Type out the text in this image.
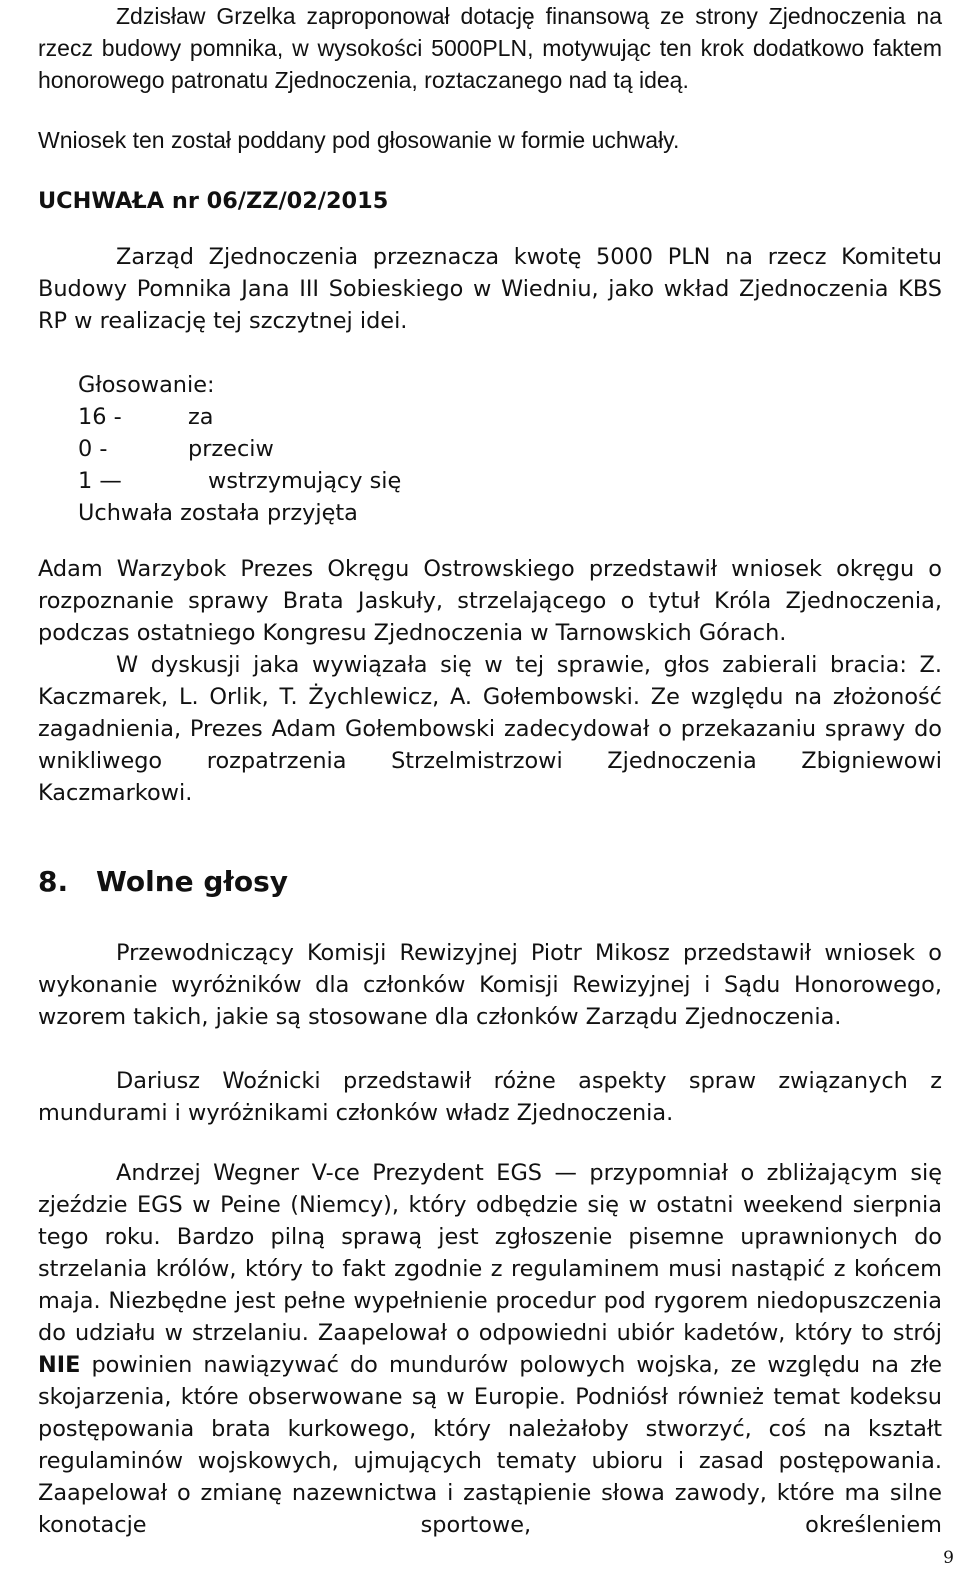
Zdzisław Grzelka zaproponował dotację finansową ze strony Zjednoczenia na rzecz budowy pomnika, w wysokości 5000PLN, motywując ten krok dodatkowo faktem honorowego patronatu Zjednoczenia, roztaczanego nad tą ideą.

Wniosek ten został poddany pod głosowanie w formie uchwały.

UCHWAŁA nr 06/ZZ/02/2015

Zarząd Zjednoczenia przeznacza kwotę 5000 PLN na rzecz Komitetu Budowy Pomnika Jana III Sobieskiego w Wiedniu, jako wkład Zjednoczenia KBS RP w realizację tej szczytnej idei.

Głosowanie:
16 -	za
0 -	przeciw
1 —	wstrzymujący się
Uchwała została przyjęta

Adam Warzybok Prezes Okręgu Ostrowskiego przedstawił wniosek okręgu o rozpoznanie sprawy Brata Jaskuły, strzelającego o tytuł Króla Zjednoczenia, podczas ostatniego Kongresu Zjednoczenia w Tarnowskich Górach.

W dyskusji jaka wywiązała się w tej sprawie, głos zabierali bracia: Z. Kaczmarek, L. Orlik, T. Żychlewicz, A. Gołembowski. Ze względu na złożoność zagadnienia, Prezes Adam Gołembowski zadecydował o przekazaniu sprawy do wnikliwego rozpatrzenia Strzelmistrzowi Zjednoczenia Zbigniewowi Kaczmarkowi.

8. Wolne głosy

Przewodniczący Komisji Rewizyjnej Piotr Mikosz przedstawił wniosek o wykonanie wyróżników dla członków Komisji Rewizyjnej i Sądu Honorowego, wzorem takich, jakie są stosowane dla członków Zarządu Zjednoczenia.

Dariusz Woźnicki przedstawił różne aspekty spraw związanych z mundurami i wyróżnikami członków władz Zjednoczenia.

Andrzej Wegner V-ce Prezydent EGS — przypomniał o zbliżającym się zjeździe EGS w Peine (Niemcy), który odbędzie się w ostatni weekend sierpnia tego roku. Bardzo pilną sprawą jest zgłoszenie pisemne uprawnionych do strzelania królów, który to fakt zgodnie z regulaminem musi nastąpić z końcem maja. Niezbędne jest pełne wypełnienie procedur pod rygorem niedopuszczenia do udziału w strzelaniu. Zaapelował o odpowiedni ubiór kadetów, który to strój NIE powinien nawiązywać do mundurów polowych wojska, ze względu na złe skojarzenia, które obserwowane są w Europie. Podniósł również temat kodeksu postępowania brata kurkowego, który należałoby stworzyć, coś na kształt regulaminów wojskowych, ujmujących tematy ubioru i zasad postępowania. Zaapelował o zmianę nazewnictwa i zastąpienie słowa zawody, które ma silne konotacje sportowe, określeniem

9
